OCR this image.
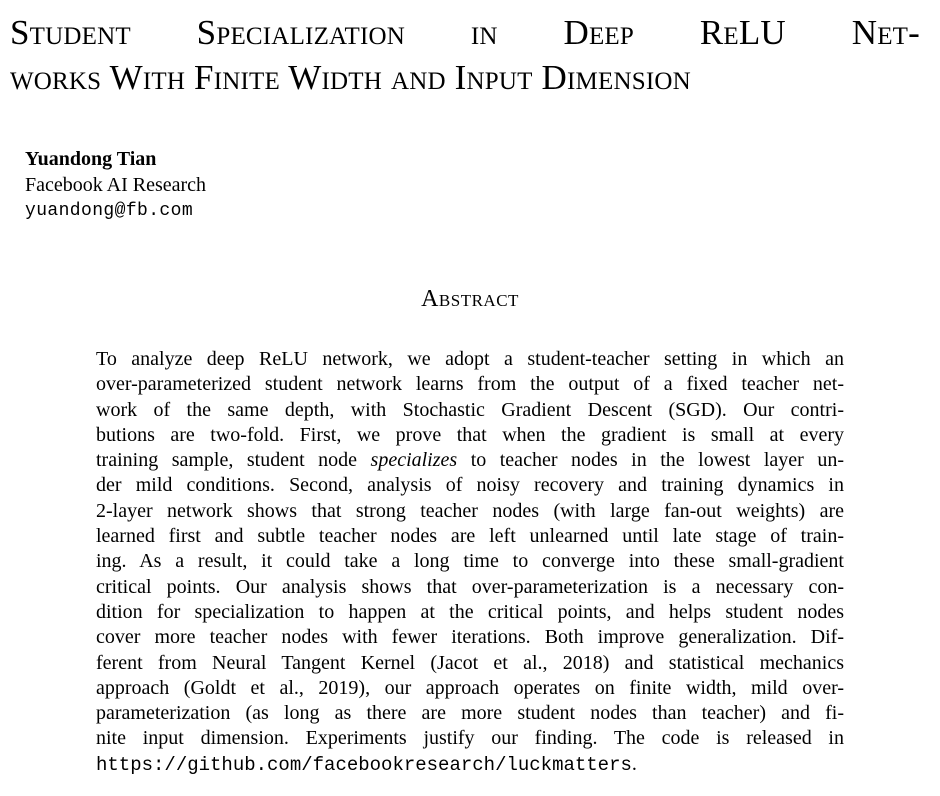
Student Specialization in Deep ReLU Net-
works With Finite Width and Input Dimension
Yuandong Tian
Facebook AI Research
yuandong@fb.com
Abstract
To analyze deep ReLU network, we adopt a student-teacher setting in which an
over-parameterized student network learns from the output of a fixed teacher net-
work of the same depth, with Stochastic Gradient Descent (SGD). Our contri-
butions are two-fold. First, we prove that when the gradient is small at every
training sample, student node specializes to teacher nodes in the lowest layer un-
der mild conditions. Second, analysis of noisy recovery and training dynamics in
2-layer network shows that strong teacher nodes (with large fan-out weights) are
learned first and subtle teacher nodes are left unlearned until late stage of train-
ing. As a result, it could take a long time to converge into these small-gradient
critical points. Our analysis shows that over-parameterization is a necessary con-
dition for specialization to happen at the critical points, and helps student nodes
cover more teacher nodes with fewer iterations. Both improve generalization. Dif-
ferent from Neural Tangent Kernel (Jacot et al., 2018) and statistical mechanics
approach (Goldt et al., 2019), our approach operates on finite width, mild over-
parameterization (as long as there are more student nodes than teacher) and fi-
nite input dimension. Experiments justify our finding. The code is released in
https://github.com/facebookresearch/luckmatters.
